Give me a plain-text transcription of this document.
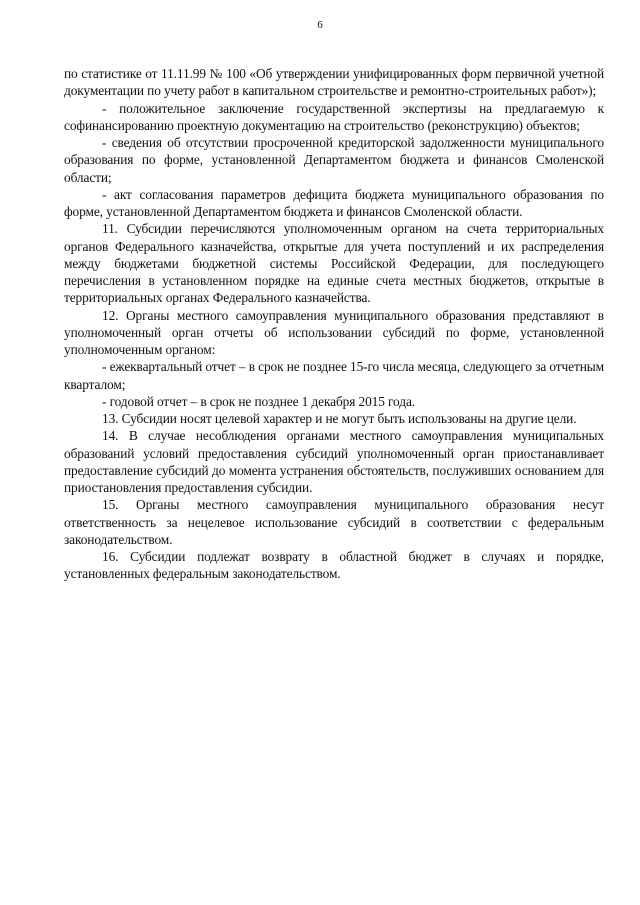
6

по статистике от 11.11.99 № 100 «Об утверждении унифицированных форм первичной учетной документации по учету работ в капитальном строительстве и ремонтно-строительных работ»);

- положительное заключение государственной экспертизы на предлагаемую к софинансированию проектную документацию на строительство (реконструкцию) объектов;

- сведения об отсутствии просроченной кредиторской задолженности муниципального образования по форме, установленной Департаментом бюджета и финансов Смоленской области;

- акт согласования параметров дефицита бюджета муниципального образования по форме, установленной Департаментом бюджета и финансов Смоленской области.

11. Субсидии перечисляются уполномоченным органом на счета территориальных органов Федерального казначейства, открытые для учета поступлений и их распределения между бюджетами бюджетной системы Российской Федерации, для последующего перечисления в установленном порядке на единые счета местных бюджетов, открытые в территориальных органах Федерального казначейства.

12. Органы местного самоуправления муниципального образования представляют в уполномоченный орган отчеты об использовании субсидий по форме, установленной уполномоченным органом:

- ежеквартальный отчет – в срок не позднее 15-го числа месяца, следующего за отчетным кварталом;

- годовой отчет – в срок не позднее 1 декабря 2015 года.

13. Субсидии носят целевой характер и не могут быть использованы на другие цели.

14. В случае несоблюдения органами местного самоуправления муниципальных образований условий предоставления субсидий уполномоченный орган приостанавливает предоставление субсидий до момента устранения обстоятельств, послуживших основанием для приостановления предоставления субсидии.

15. Органы местного самоуправления муниципального образования несут ответственность за нецелевое использование субсидий в соответствии с федеральным законодательством.

16. Субсидии подлежат возврату в областной бюджет в случаях и порядке, установленных федеральным законодательством.
